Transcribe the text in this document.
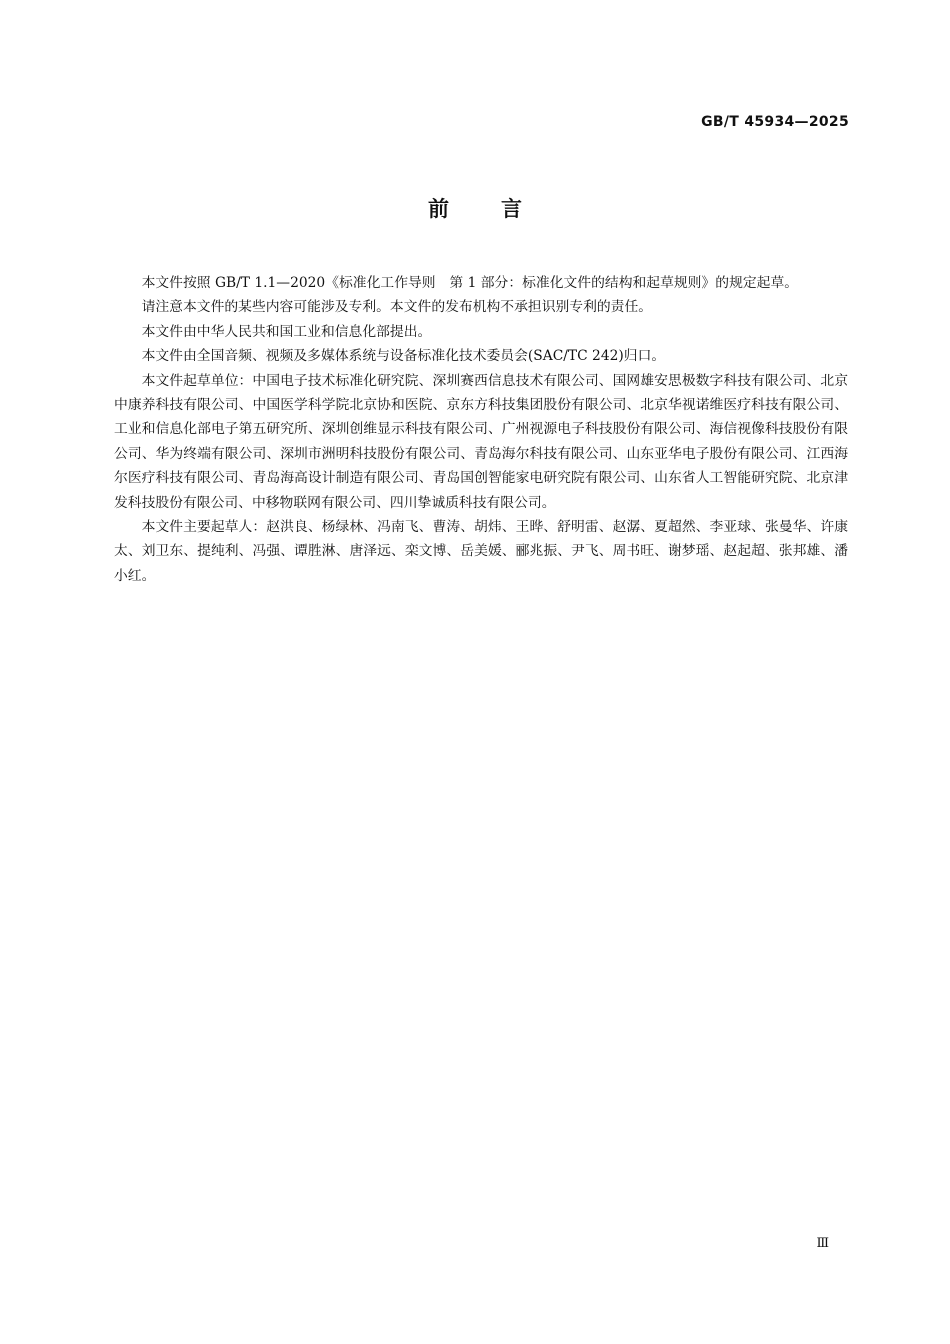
GB/T 45934—2025
前言

本文件按照 GB/T 1.1—2020《标准化工作导则　第 1 部分：标准化文件的结构和起草规则》的规定起草。

请注意本文件的某些内容可能涉及专利。本文件的发布机构不承担识别专利的责任。

本文件由中华人民共和国工业和信息化部提出。

本文件由全国音频、视频及多媒体系统与设备标准化技术委员会(SAC/TC 242)归口。

本文件起草单位：中国电子技术标准化研究院、深圳赛西信息技术有限公司、国网雄安思极数字科技有限公司、北京中康养科技有限公司、中国医学科学院北京协和医院、京东方科技集团股份有限公司、北京华视诺维医疗科技有限公司、工业和信息化部电子第五研究所、深圳创维显示科技有限公司、广州视源电子科技股份有限公司、海信视像科技股份有限公司、华为终端有限公司、深圳市洲明科技股份有限公司、青岛海尔科技有限公司、山东亚华电子股份有限公司、江西海尔医疗科技有限公司、青岛海高设计制造有限公司、青岛国创智能家电研究院有限公司、山东省人工智能研究院、北京津发科技股份有限公司、中移物联网有限公司、四川挚诚质科技有限公司。

本文件主要起草人：赵洪良、杨绿林、冯南飞、曹涛、胡炜、王晔、舒明雷、赵潺、夏超然、李亚球、张曼华、许康太、刘卫东、提纯利、冯强、谭胜淋、唐泽远、栾文博、岳美媛、郦兆振、尹飞、周书旺、谢梦瑶、赵起超、张邦雄、潘小红。

Ⅲ
